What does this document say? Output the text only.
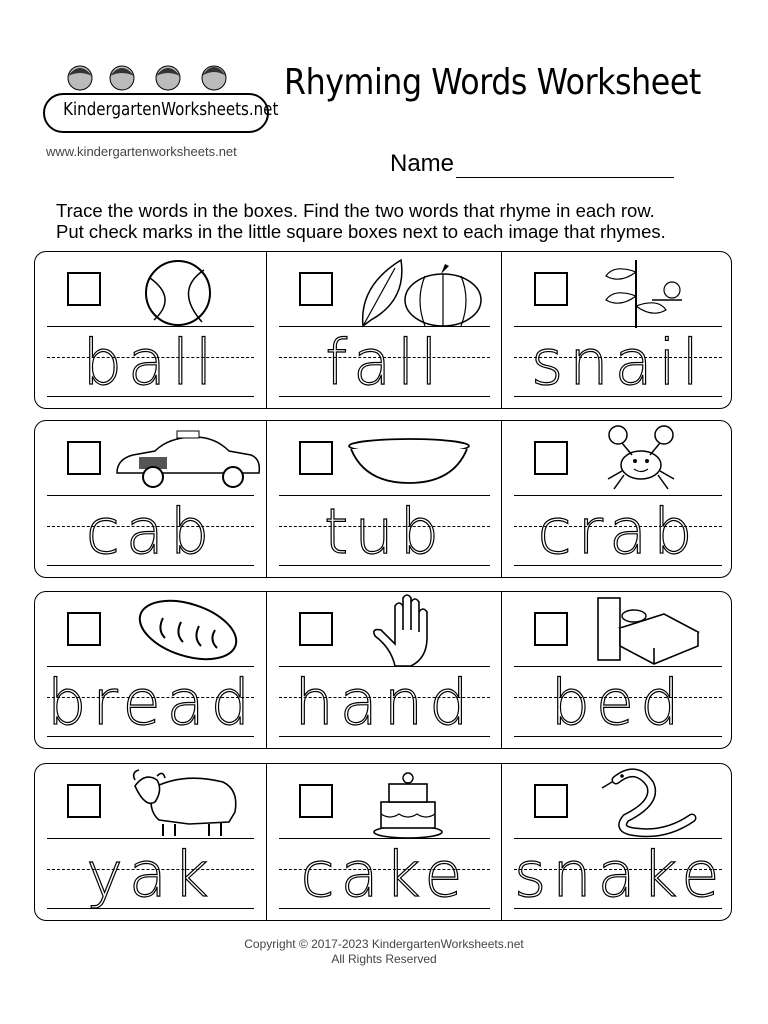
KindergartenWorksheets.net
www.kindergartenworksheets.net
Rhyming Words Worksheet
Name
Trace the words in the boxes. Find the two words that rhyme in each row.
Put check marks in the little square boxes next to each image that rhymes.
ball	fall	snail
cab	tub	crab
bread hand	bed
yak	cake snake
Copyright © 2017-2023 KindergartenWorksheets.net
All Rights Reserved
